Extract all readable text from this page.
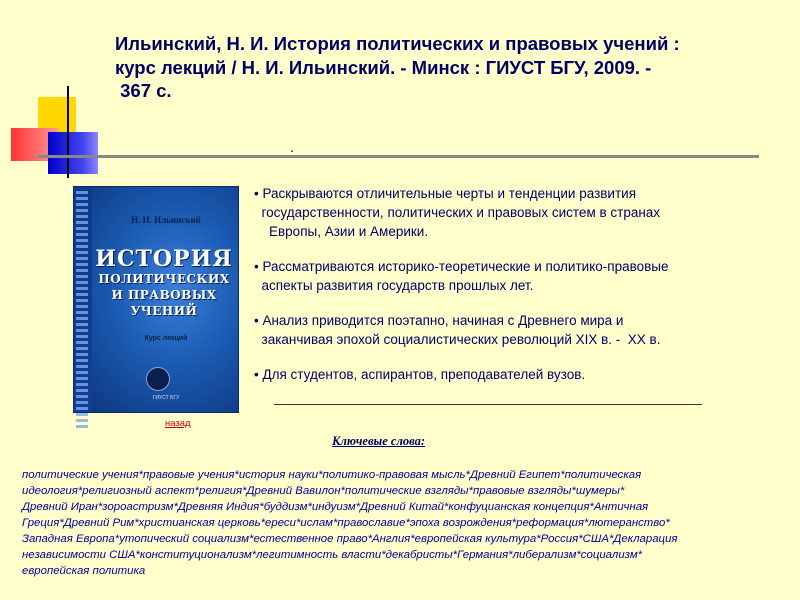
Ильинский, Н. И. История политических и правовых учений :
курс лекций / Н. И. Ильинский. - Минск : ГИУСТ БГУ, 2009. -
367 с.
.
Н. И. Ильинский
ИСТОРИЯ
ПОЛИТИЧЕСКИХ
И ПРАВОВЫХ УЧЕНИЙ
Курс лекций
ГИУСТ БГУ
• Раскрываются отличительные черты и тенденции развития
государственности, политических и правовых систем в странах
Европы, Азии и Америки.
• Рассматриваются историко-теоретические и политико-правовые
аспекты развития государств прошлых лет.
• Анализ приводится поэтапно, начиная с Древнего мира и
заканчивая эпохой социалистических революций XIX в. -  XX в.
• Для студентов, аспирантов, преподавателей вузов.
назад
Ключевые слова:
политические учения*правовые учения*история науки*политико-правовая мысль*Древний Египет*политическая
идеология*религиозный аспект*религия*Древний Вавилон*политические взгляды*правовые взгляды*шумеры*
Древний Иран*зороастризм*Древняя Индия*буддизм*индуизм*Древний Китай*конфуцианская концепция*Античная
Греция*Древний Рим*христианская церковь*ереси*ислам*православие*эпоха возрождения*реформация*лютеранство*
Западная Европа*утопический социализм*естественное право*Англия*европейская культура*Россия*США*Декларация
независимости США*конституционализм*легитимность власти*декабристы*Германия*либерализм*социализм*
европейская политика
